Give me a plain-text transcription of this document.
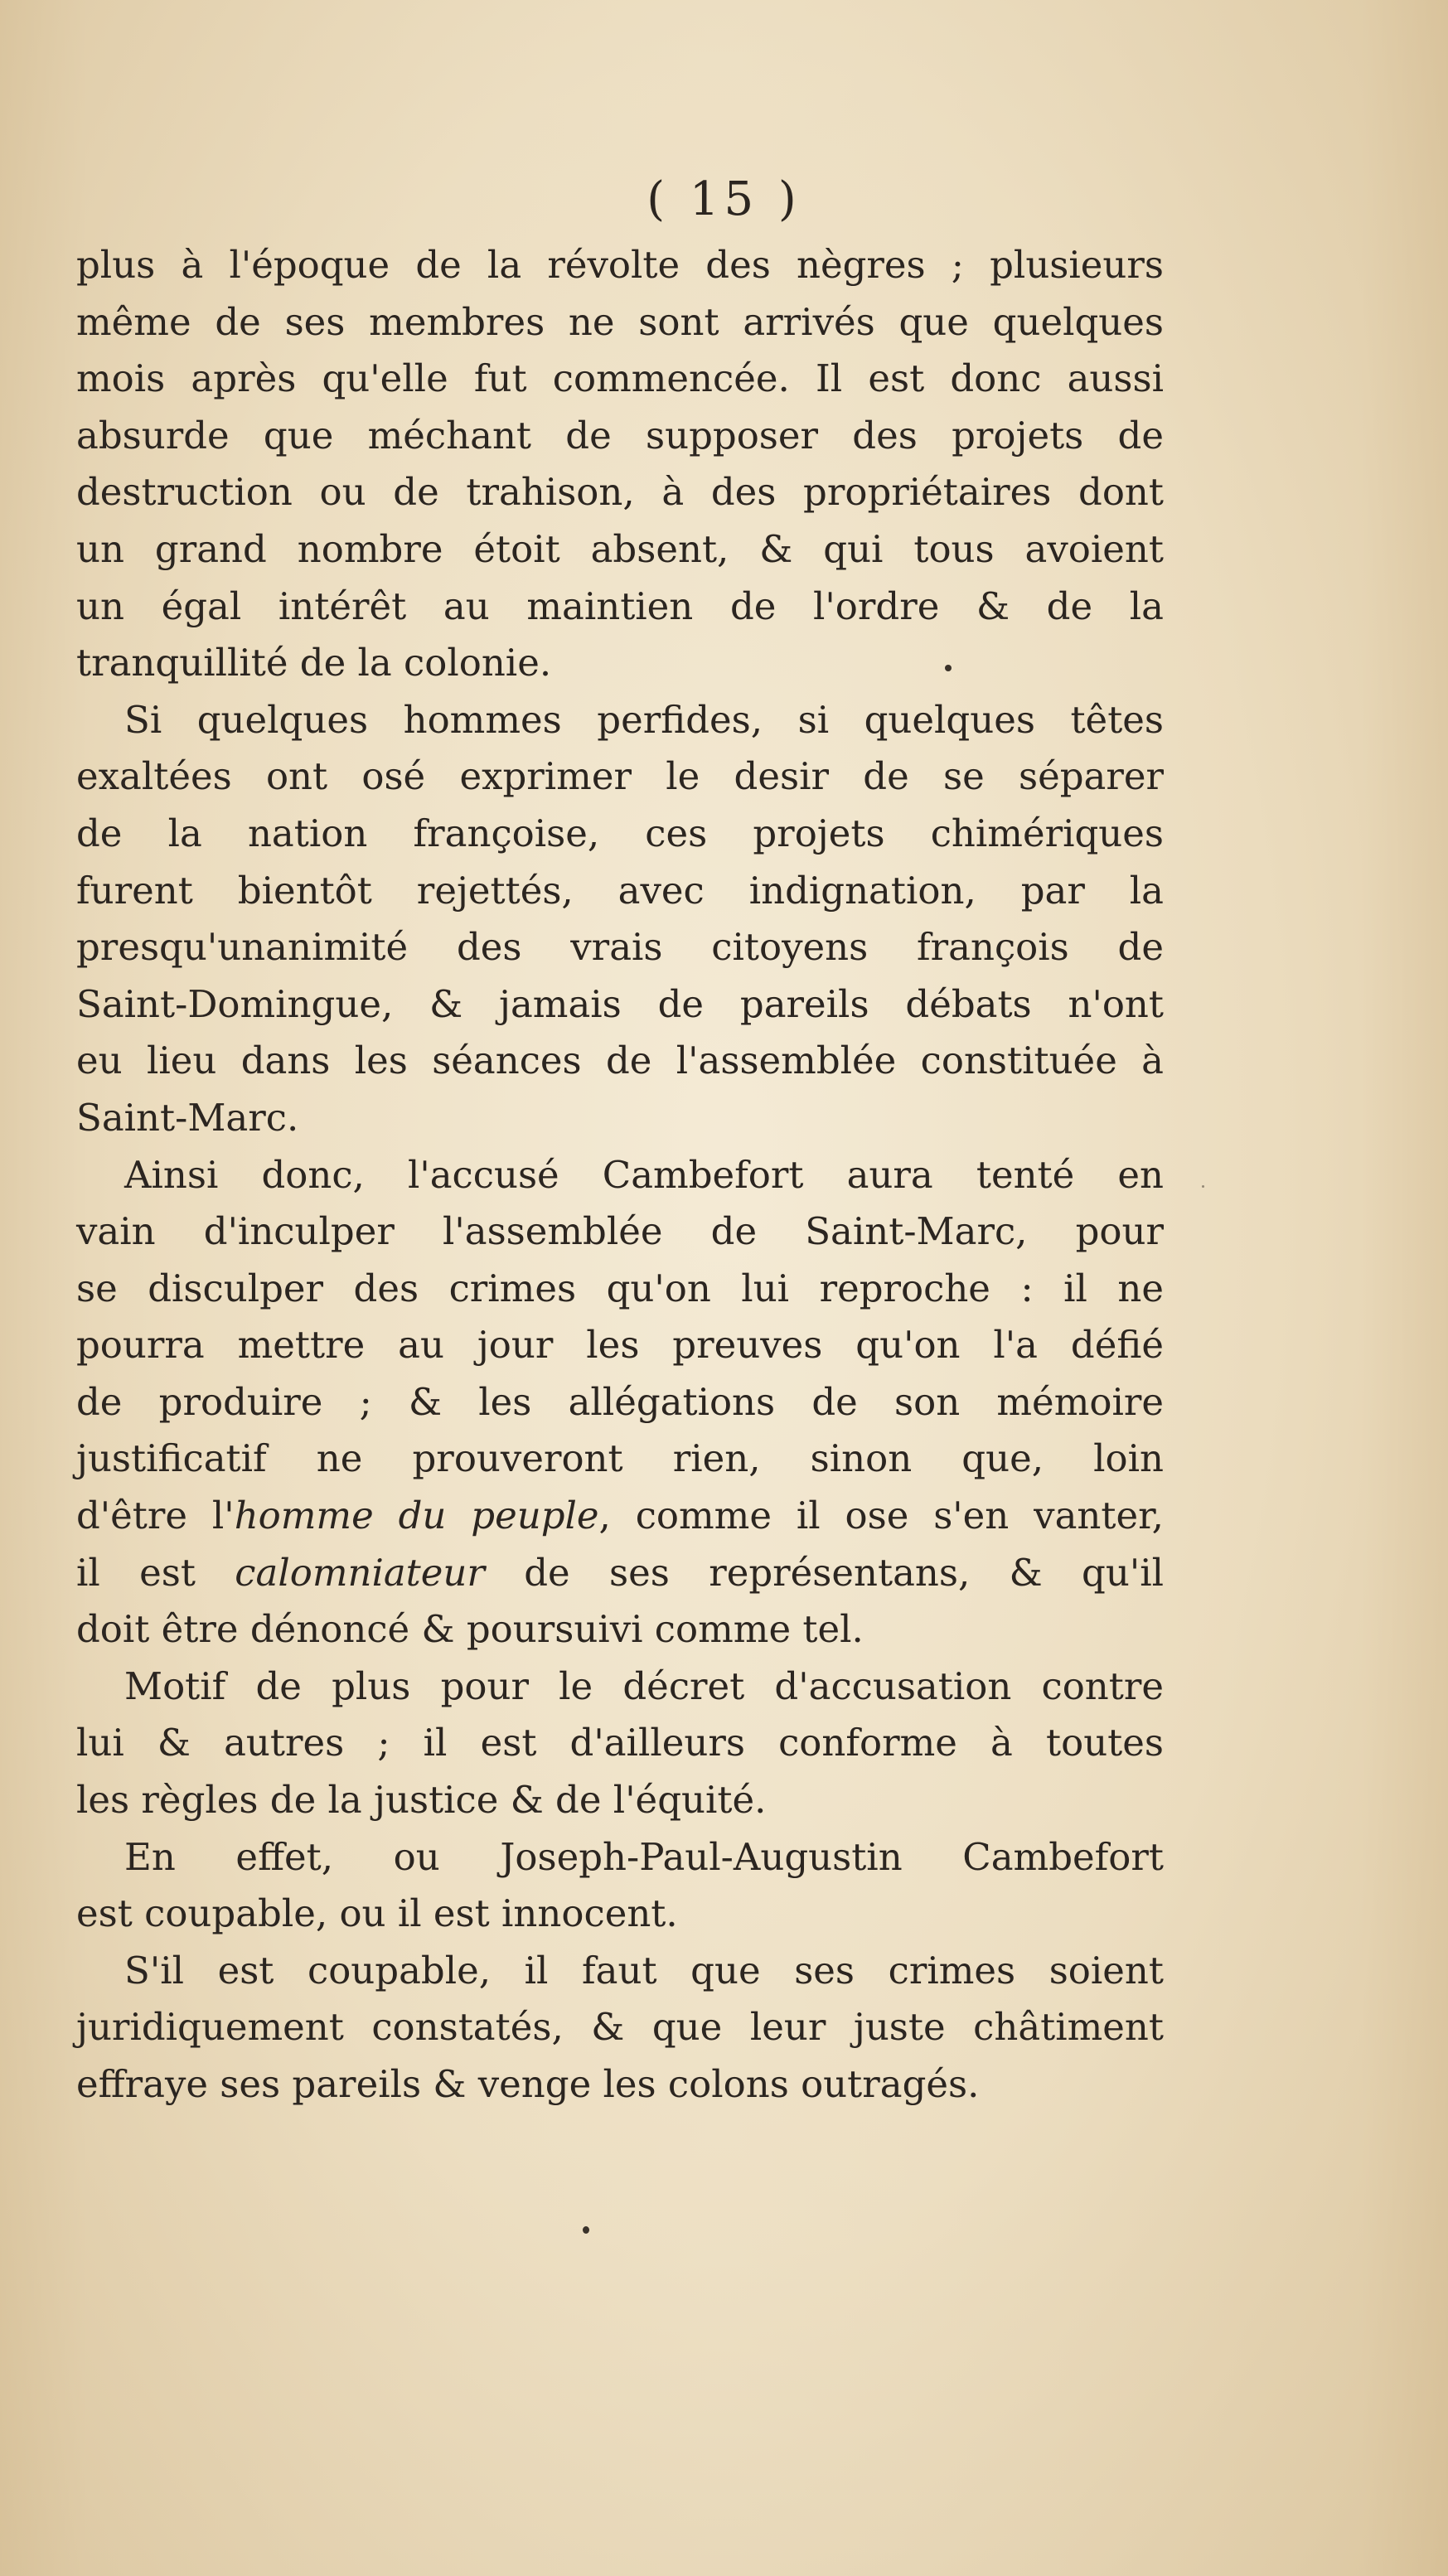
( 15 )
plus à l'époque de la révolte des nègres ; plusieurs
même de ses membres ne sont arrivés que quelques
mois après qu'elle fut commencée. Il est donc aussi
absurde que méchant de supposer des projets de
destruction ou de trahison, à des propriétaires dont
un grand nombre étoit absent, & qui tous avoient
un égal intérêt au maintien de l'ordre & de la
tranquillité de la colonie.
Si quelques hommes perfides, si quelques têtes
exaltées ont osé exprimer le desir de se séparer
de la nation françoise, ces projets chimériques
furent bientôt rejettés, avec indignation, par la
presqu'unanimité des vrais citoyens françois de
Saint-Domingue, & jamais de pareils débats n'ont
eu lieu dans les séances de l'assemblée constituée à
Saint-Marc.
Ainsi donc, l'accusé Cambefort aura tenté en
vain d'inculper l'assemblée de Saint-Marc, pour
se disculper des crimes qu'on lui reproche : il ne
pourra mettre au jour les preuves qu'on l'a défié
de produire ; & les allégations de son mémoire
justificatif ne prouveront rien, sinon que, loin
d'être l'homme du peuple, comme il ose s'en vanter,
il est calomniateur de ses représentans, & qu'il
doit être dénoncé & poursuivi comme tel.
Motif de plus pour le décret d'accusation contre
lui & autres ; il est d'ailleurs conforme à toutes
les règles de la justice & de l'équité.
En effet, ou Joseph-Paul-Augustin Cambefort
est coupable, ou il est innocent.
S'il est coupable, il faut que ses crimes soient
juridiquement constatés, & que leur juste châtiment
effraye ses pareils & venge les colons outragés.
